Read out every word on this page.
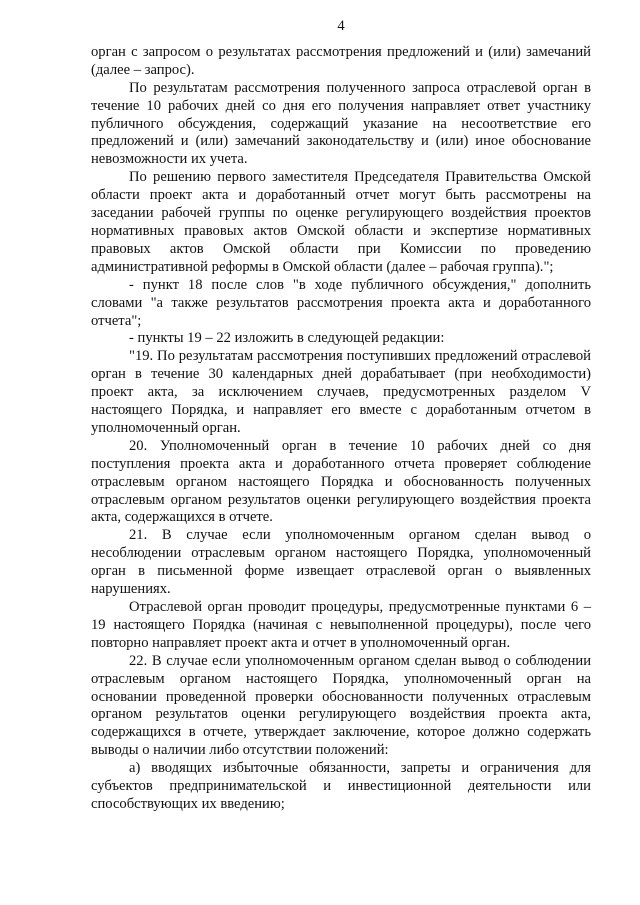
4

орган с запросом о результатах рассмотрения предложений и (или) замечаний (далее – запрос).

По результатам рассмотрения полученного запроса отраслевой орган в течение 10 рабочих дней со дня его получения направляет ответ участнику публичного обсуждения, содержащий указание на несоответствие его предложений и (или) замечаний законодательству и (или) иное обоснование невозможности их учета.

По решению первого заместителя Председателя Правительства Омской области проект акта и доработанный отчет могут быть рассмотрены на заседании рабочей группы по оценке регулирующего воздействия проектов нормативных правовых актов Омской области и экспертизе нормативных правовых актов Омской области при Комиссии по проведению административной реформы в Омской области (далее – рабочая группа).";

- пункт 18 после слов "в ходе публичного обсуждения," дополнить словами "а также результатов рассмотрения проекта акта и доработанного отчета";

- пункты 19 – 22 изложить в следующей редакции:

"19. По результатам рассмотрения поступивших предложений отраслевой орган в течение 30 календарных дней дорабатывает (при необходимости) проект акта, за исключением случаев, предусмотренных разделом V настоящего Порядка, и направляет его вместе с доработанным отчетом в уполномоченный орган.

20. Уполномоченный орган в течение 10 рабочих дней со дня поступления проекта акта и доработанного отчета проверяет соблюдение отраслевым органом настоящего Порядка и обоснованность полученных отраслевым органом результатов оценки регулирующего воздействия проекта акта, содержащихся в отчете.

21. В случае если уполномоченным органом сделан вывод о несоблюдении отраслевым органом настоящего Порядка, уполномоченный орган в письменной форме извещает отраслевой орган о выявленных нарушениях.

Отраслевой орган проводит процедуры, предусмотренные пунктами 6 – 19 настоящего Порядка (начиная с невыполненной процедуры), после чего повторно направляет проект акта и отчет в уполномоченный орган.

22. В случае если уполномоченным органом сделан вывод о соблюдении отраслевым органом настоящего Порядка, уполномоченный орган на основании проведенной проверки обоснованности полученных отраслевым органом результатов оценки регулирующего воздействия проекта акта, содержащихся в отчете, утверждает заключение, которое должно содержать выводы о наличии либо отсутствии положений:

а) вводящих избыточные обязанности, запреты и ограничения для субъектов предпринимательской и инвестиционной деятельности или способствующих их введению;
